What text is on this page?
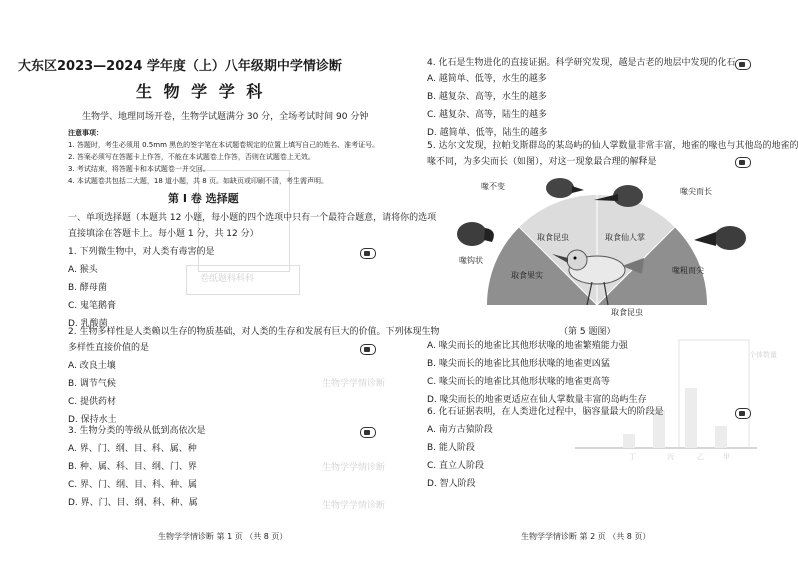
卷纸题科科科
生物学学情诊断
生物学学情诊断
生物学学情诊断
大东区2023—2024 学年度（上）八年级期中学情诊断
生 物 学 学 科
生物学、地理同场开卷，生物学试题满分 30 分，全场考试时间 90 分钟
注意事项：
1. 答题时，考生必须用 0.5mm 黑色的签字笔在本试题卷规定的位置上填写自己的姓名、准考证号。
2. 答案必须写在答题卡上作答，不能在本试题卷上作答，否则在试题卷上无效。
3. 考试结束，将答题卡和本试题卷一并交回。
4. 本试题卷共包括二大题，18 道小题，共 8 页。如缺页或印刷不清，考生需声明。
第 Ⅰ 卷 选择题
一、单项选择题（本题共 12 小题，每小题的四个选项中只有一个最符合题意，请将你的选项
直接填涂在答题卡上。每小题 1 分，共 12 分）
1. 下列微生物中，对人类有毒害的是
A. 猴头
B. 酵母菌
C. 鬼笔鹅膏
D. 乳酸菌
2. 生物多样性是人类赖以生存的物质基础，对人类的生存和发展有巨大的价值。下列体现生物
多样性直接价值的是
A. 改良土壤
B. 调节气候
C. 提供药材
D. 保持水土
3. 生物分类的等级从低到高依次是
A. 界、门、纲、目、科、属、种
B. 种、属、科、目、纲、门、界
C. 界、门、纲、目、科、种、属
D. 界、门、目、纲、科、种、属
生物学学情诊断 第 1 页 （共 8 页）
4. 化石是生物进化的直接证据。科学研究发现，越是古老的地层中发现的化石
A. 越简单、低等，水生的越多
B. 越复杂、高等，水生的越多
C. 越复杂、高等，陆生的越多
D. 越简单、低等，陆生的越多
5. 达尔文发现，拉帕戈斯群岛的某岛屿的仙人掌数量非常丰富，地雀的喙也与其他岛的地雀的
喙不同，为多尖而长（如图），对这一现象最合理的解释是
喙不变
喙尖而长
喙钩状
喙粗而尖
取食昆虫	取食仙人掌
取食果实
取食昆虫
（第 5 题图）
A. 喙尖而长的地雀比其他形状喙的地雀繁殖能力强
B. 喙尖而长的地雀比其他形状喙的地雀更凶猛
C. 喙尖而长的地雀比其他形状喙的地雀更高等
D. 喙尖而长的地雀更适应在仙人掌数量丰富的岛屿生存
个体数量
甲
乙
丙
丁
6. 化石证据表明，在人类进化过程中，脑容量最大的阶段是
A. 南方古猿阶段
B. 能人阶段
C. 直立人阶段
D. 智人阶段
生物学学情诊断 第 2 页 （共 8 页）
